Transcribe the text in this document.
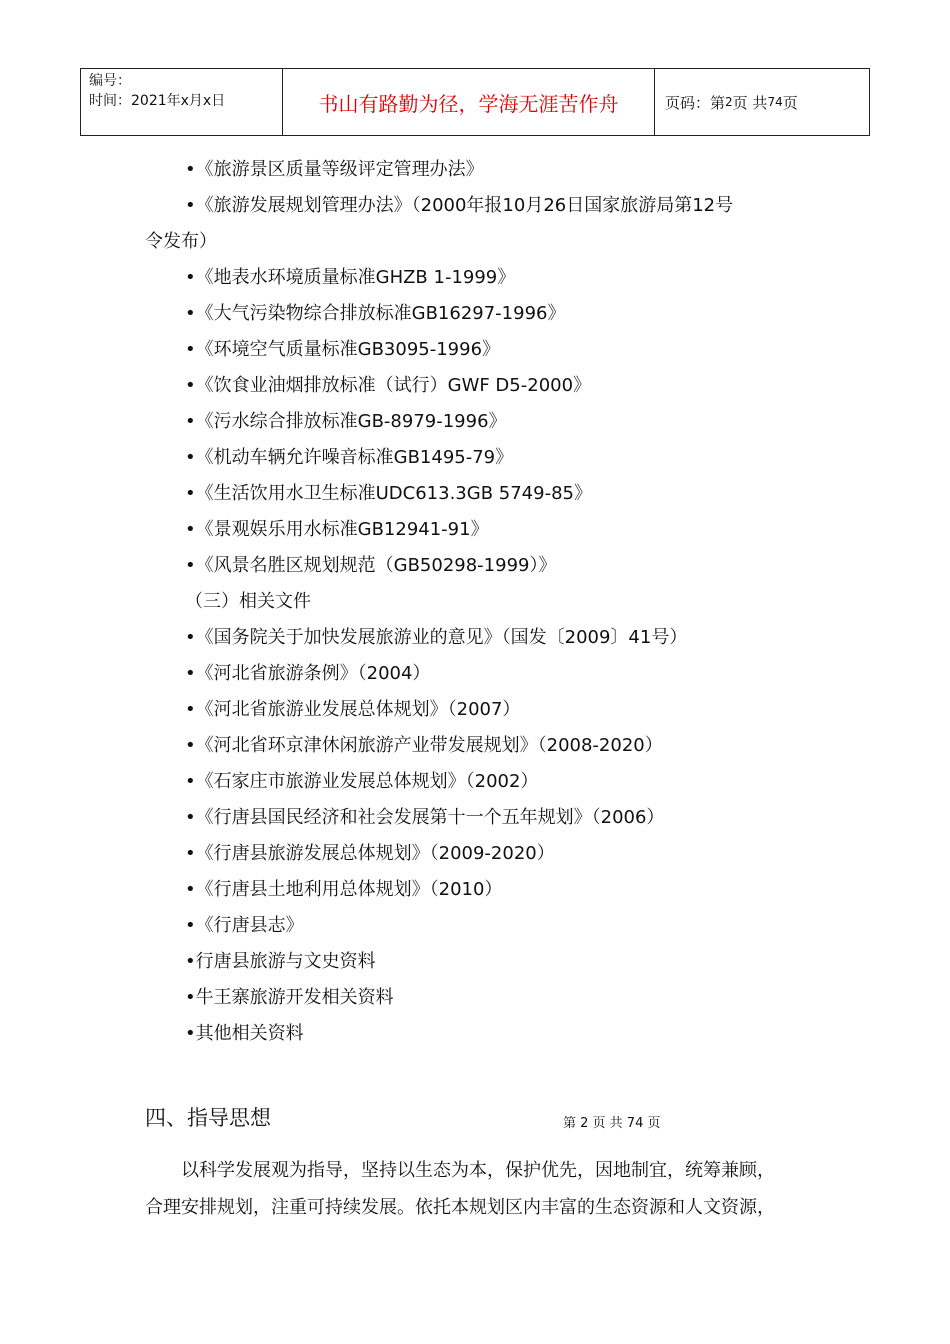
编号：
时间：2021年x月x日	书山有路勤为径，学海无涯苦作舟	页码：第 2 页 共 74 页
•《旅游景区质量等级评定管理办法》
•《旅游发展规划管理办法》（2000年报10月26日国家旅游局第12号
令发布）
•《地表水环境质量标准GHZB 1-1999》
•《大气污染物综合排放标准GB16297-1996》
•《环境空气质量标准GB3095-1996》
•《饮食业油烟排放标准（试行）GWF D5-2000》
•《污水综合排放标准GB-8979-1996》
•《机动车辆允许噪音标准GB1495-79》
•《生活饮用水卫生标准UDC613.3GB 5749-85》
•《景观娱乐用水标准GB12941-91》
•《风景名胜区规划规范（GB50298-1999）》
（三）相关文件
•《国务院关于加快发展旅游业的意见》（国发〔2009〕41号）
•《河北省旅游条例》（2004）
•《河北省旅游业发展总体规划》（2007）
•《河北省环京津休闲旅游产业带发展规划》（2008-2020）
•《石家庄市旅游业发展总体规划》（2002）
•《行唐县国民经济和社会发展第十一个五年规划》（2006）
•《行唐县旅游发展总体规划》（2009-2020）
•《行唐县土地利用总体规划》（2010）
•《行唐县志》
•行唐县旅游与文史资料
•牛王寨旅游开发相关资料
•其他相关资料
四、指导思想	第 2 页 共 74 页
以科学发展观为指导，坚持以生态为本，保护优先，因地制宜，统筹兼顾，
合理安排规划，注重可持续发展。依托本规划区内丰富的生态资源和人文资源，
